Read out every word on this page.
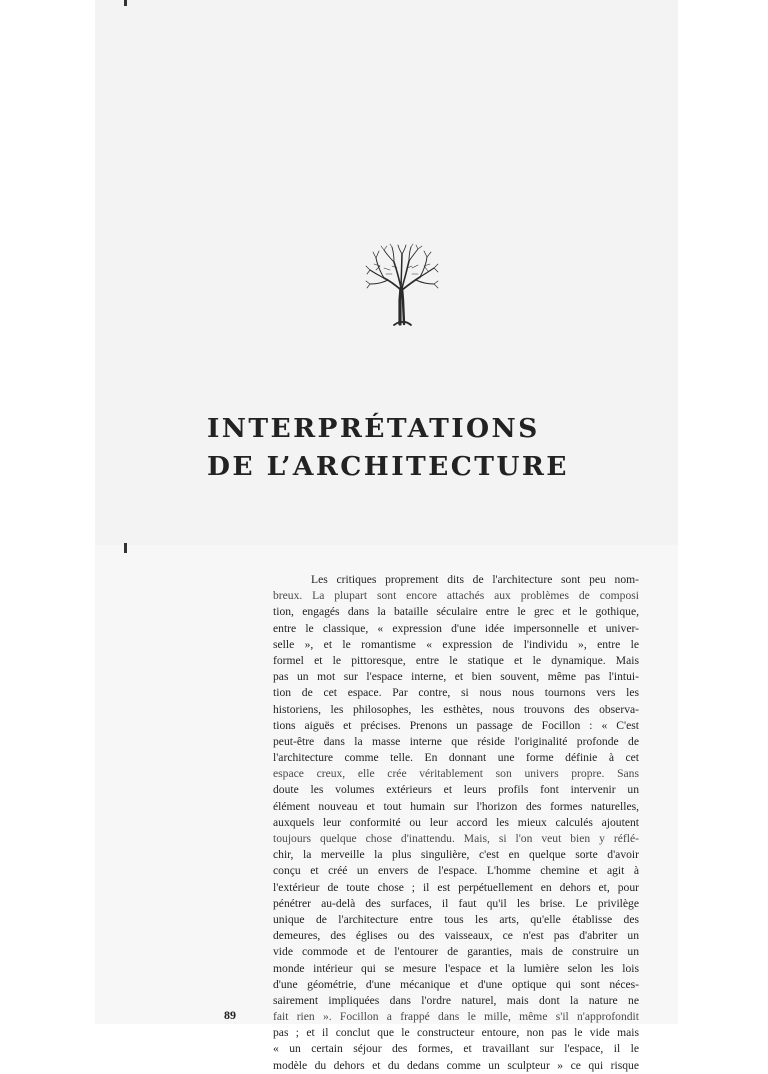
INTERPRÉTATIONS
DE L’ARCHITECTURE
Les critiques proprement dits de l'architecture sont peu nom-
breux. La plupart sont encore attachés aux problèmes de composi
tion, engagés dans la bataille séculaire entre le grec et le gothique,
entre le classique, « expression d'une idée impersonnelle et univer-
selle », et le romantisme « expression de l'individu », entre le
formel et le pittoresque, entre le statique et le dynamique. Mais
pas un mot sur l'espace interne, et bien souvent, même pas l'intui-
tion de cet espace. Par contre, si nous nous tournons vers les
historiens, les philosophes, les esthètes, nous trouvons des observa-
tions aiguës et précises. Prenons un passage de Focillon : « C'est
peut-être dans la masse interne que réside l'originalité profonde de
l'architecture comme telle. En donnant une forme définie à cet
espace creux, elle crée véritablement son univers propre. Sans
doute les volumes extérieurs et leurs profils font intervenir un
élément nouveau et tout humain sur l'horizon des formes naturelles,
auxquels leur conformité ou leur accord les mieux calculés ajoutent
toujours quelque chose d'inattendu. Mais, si l'on veut bien y réflé-
chir, la merveille la plus singulière, c'est en quelque sorte d'avoir
conçu et créé un envers de l'espace. L'homme chemine et agit à
l'extérieur de toute chose ; il est perpétuellement en dehors et, pour
pénétrer au-delà des surfaces, il faut qu'il les brise. Le privilège
unique de l'architecture entre tous les arts, qu'elle établisse des
demeures, des églises ou des vaisseaux, ce n'est pas d'abriter un
vide commode et de l'entourer de garanties, mais de construire un
monde intérieur qui se mesure l'espace et la lumière selon les lois
d'une géométrie, d'une mécanique et d'une optique qui sont néces-
sairement impliquées dans l'ordre naturel, mais dont la nature ne
fait rien ». Focillon a frappé dans le mille, même s'il n'approfondit
pas ; et il conclut que le constructeur entoure, non pas le vide mais
« un certain séjour des formes, et travaillant sur l'espace, il le
modèle du dehors et du dedans comme un sculpteur » ce qui risque
89
